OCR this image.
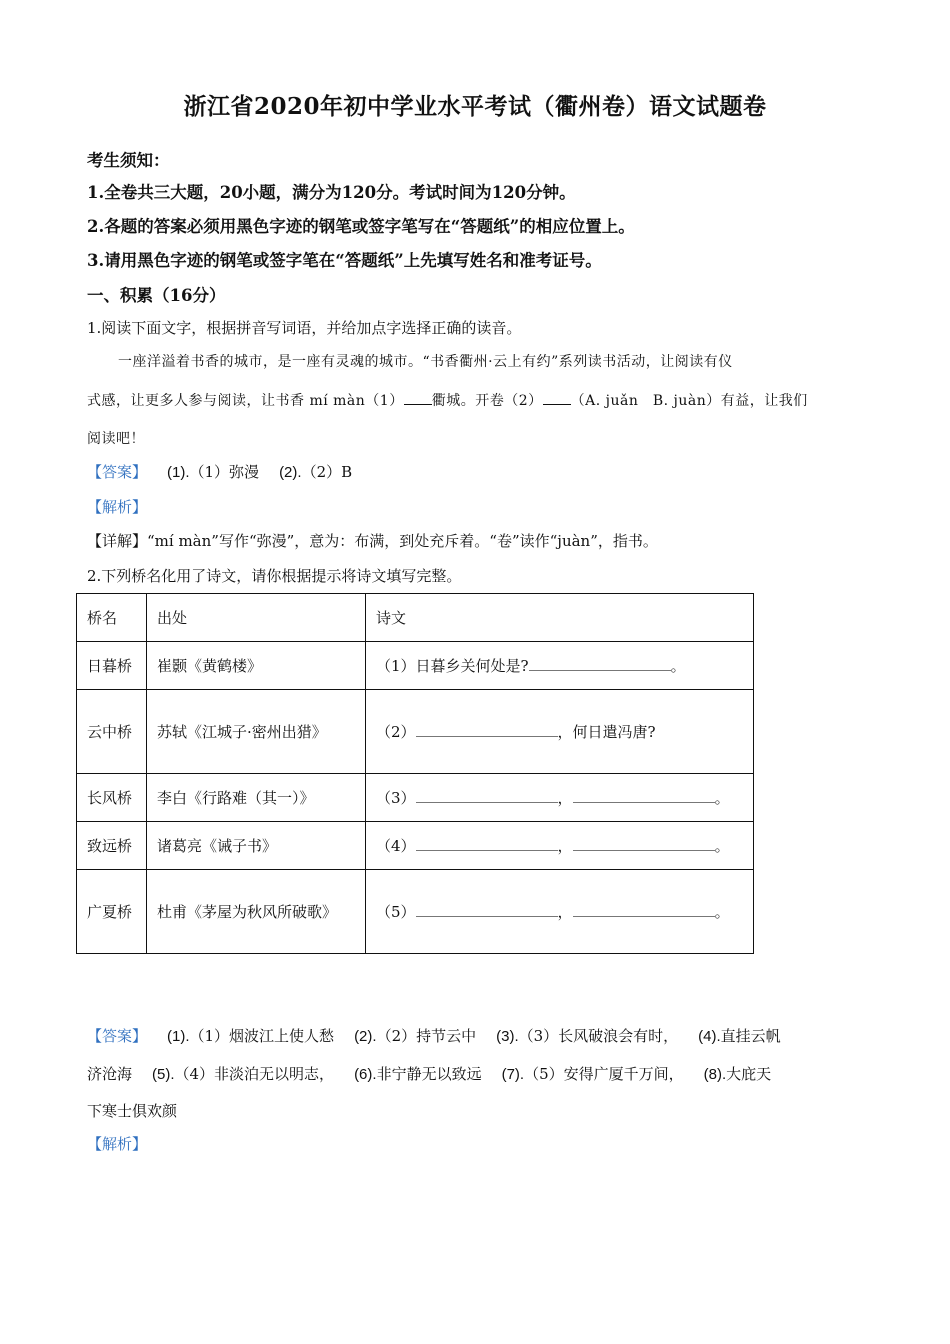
浙江省2020年初中学业水平考试（衢州卷）语文试题卷
考生须知：
1.全卷共三大题，20小题，满分为120分。考试时间为120分钟。
2.各题的答案必须用黑色字迹的钢笔或签字笔写在“答题纸”的相应位置上。
3.请用黑色字迹的钢笔或签字笔在“答题纸”上先填写姓名和准考证号。
一、积累（16分）
1.阅读下面文字，根据拼音写词语，并给加点字选择正确的读音。
一座洋溢着书香的城市，是一座有灵魂的城市。“书香衢州·云上有约”系列读书活动，让阅读有仪
式感，让更多人参与阅读，让书香 mí màn（1） 衢城。开卷（2） （A. juǎn　B. juàn）有益，让我们
阅读吧！
【答案】 (1).（1）弥漫 (2).（2）B
【解析】
【详解】“mí màn”写作“弥漫”，意为：布满，到处充斥着。“卷”读作“juàn”，指书。
2.下列桥名化用了诗文，请你根据提示将诗文填写完整。
桥名	出处	诗文
日暮桥	崔颢《黄鹤楼》	（1）日暮乡关何处是? 。
云中桥	苏轼《江城子·密州出猎》	（2） ，何日遣冯唐?
长风桥	李白《行路难（其一）》	（3） ， 。
致远桥	诸葛亮《诫子书》	（4） ， 。
广夏桥	杜甫《茅屋为秋风所破歌》	（5） ， 。
【答案】 (1).（1）烟波江上使人愁 (2).（2）持节云中 (3).（3）长风破浪会有时， (4).直挂云帆
济沧海 (5).（4）非淡泊无以明志， (6).非宁静无以致远 (7).（5）安得广厦千万间， (8).大庇天
下寒士俱欢颜
【解析】
